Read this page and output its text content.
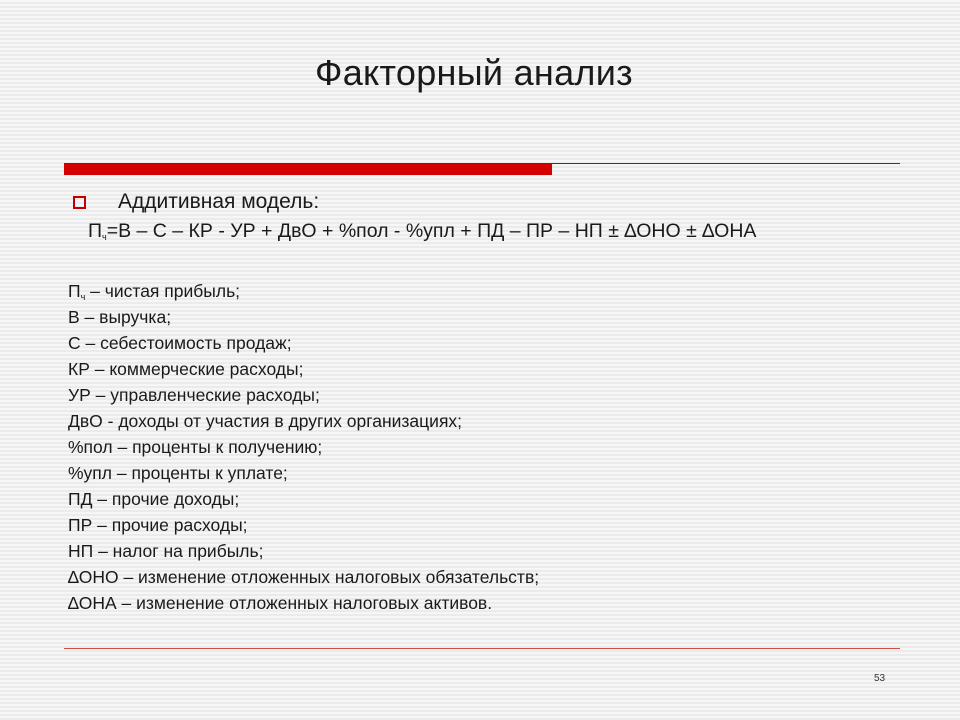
Факторный анализ
Аддитивная модель:
$П_ч=В - С$ – КР - УР + ДвО + %пол - %упл + ПД – ПР – НП ± ∆ОНО ± ∆ОНА
$П_ч$ – чистая прибыль;
В – выручка;
С – себестоимость продаж;
КР – коммерческие расходы;
УР – управленческие расходы;
ДвО - доходы от участия в других организациях;
%пол – проценты к получению;
%упл – проценты к уплате;
ПД – прочие доходы;
ПР – прочие расходы;
НП – налог на прибыль;
∆ОНО – изменение отложенных налоговых обязательств;
∆ОНА – изменение отложенных налоговых активов.
53
